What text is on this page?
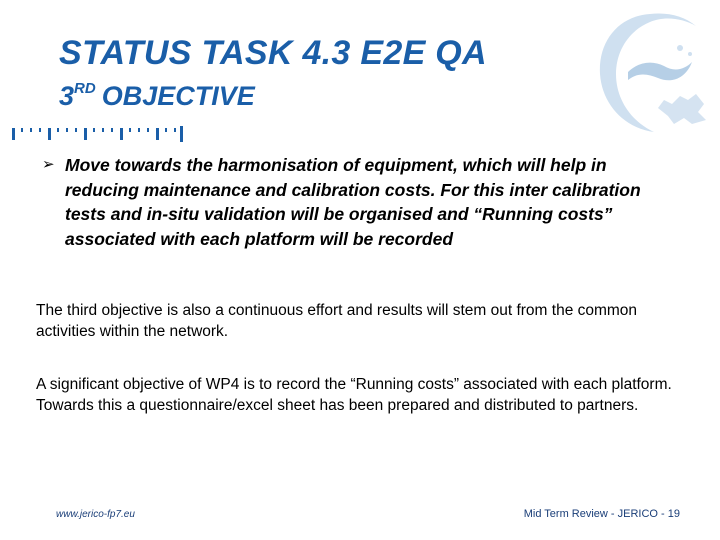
STATUS TASK 4.3 E2E QA
3RD OBJECTIVE
➢ Move towards the harmonisation of equipment, which will help in reducing maintenance and calibration costs. For this inter calibration tests and in-situ validation will be organised and “Running costs” associated with each platform will be recorded
The third objective is also a continuous effort and results will stem out from the common activities within the network.
A significant objective of WP4 is to record the “Running costs” associated with each platform. Towards this a questionnaire/excel sheet has been prepared and distributed to partners.
www.jerico-fp7.eu	Mid Term Review - JERICO - 19
